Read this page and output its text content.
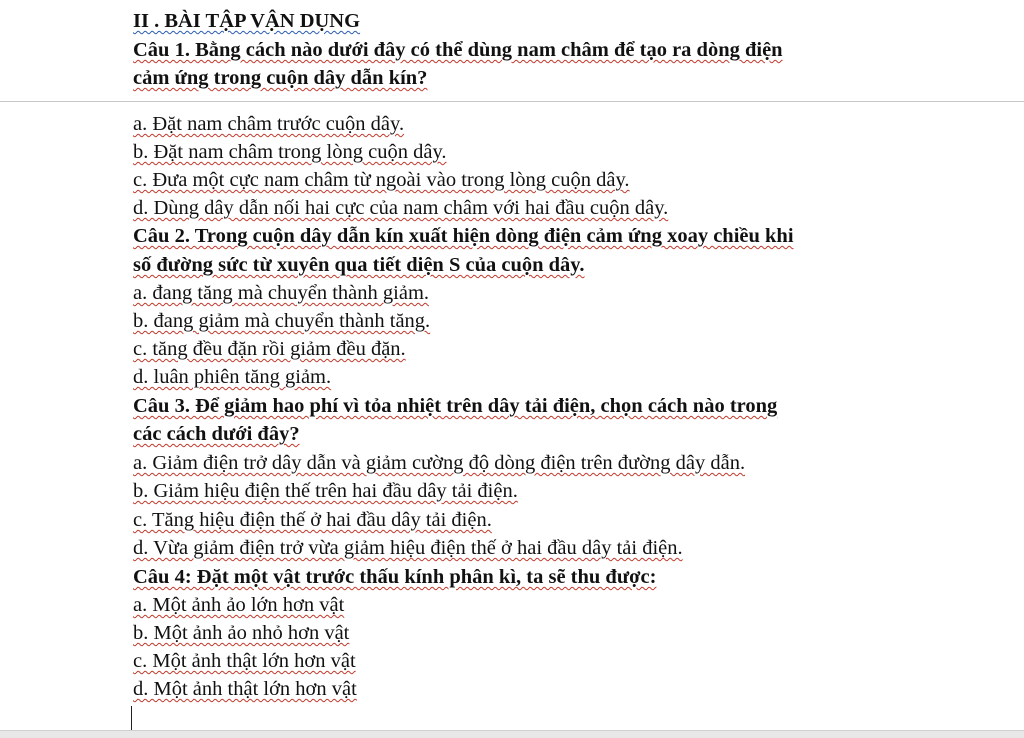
II . BÀI TẬP VẬN DỤNG
Câu 1. Bằng cách nào dưới đây có thể dùng nam châm để tạo ra dòng điện
cảm ứng trong cuộn dây dẫn kín?
a. Đặt nam châm trước cuộn dây.
b. Đặt nam châm trong lòng cuộn dây.
c. Đưa một cực nam châm từ ngoài vào trong lòng cuộn dây.
d. Dùng dây dẫn nối hai cực của nam châm với hai đầu cuộn dây.
Câu 2. Trong cuộn dây dẫn kín xuất hiện dòng điện cảm ứng xoay chiều khi
số đường sức từ xuyên qua tiết diện S của cuộn dây.
a. đang tăng mà chuyển thành giảm.
b. đang giảm mà chuyển thành tăng.
c. tăng đều đặn rồi giảm đều đặn.
d. luân phiên tăng giảm.
Câu 3. Để giảm hao phí vì tỏa nhiệt trên dây tải điện, chọn cách nào trong
các cách dưới đây?
a. Giảm điện trở dây dẫn và giảm cường độ dòng điện trên đường dây dẫn.
b. Giảm hiệu điện thế trên hai đầu dây tải điện.
c. Tăng hiệu điện thế ở hai đầu dây tải điện.
d. Vừa giảm điện trở vừa giảm hiệu điện thế ở hai đầu dây tải điện.
Câu 4: Đặt một vật trước thấu kính phân kì, ta sẽ thu được:
a. Một ảnh ảo lớn hơn vật
b. Một ảnh ảo nhỏ hơn vật
c. Một ảnh thật lớn hơn vật
d. Một ảnh thật lớn hơn vật
